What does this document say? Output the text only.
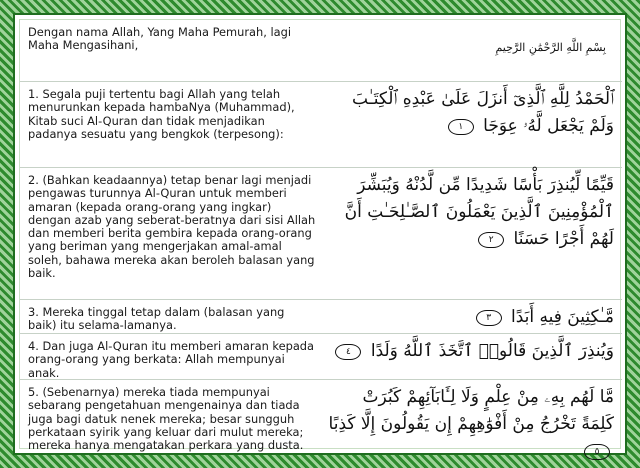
Dengan nama Allah, Yang Maha Pemurah, lagi Maha Mengasihani,	بِسْمِ اللَّهِ الرَّحْمَٰنِ الرَّحِيمِ
1. Segala puji tertentu bagi Allah yang telah menurunkan kepada hambaNya (Muhammad), Kitab suci Al-Quran dan tidak menjadikan padanya sesuatu yang bengkok (terpesong):
ٱلْحَمْدُ لِلَّهِ ٱلَّذِىٓ أَنزَلَ عَلَىٰ عَبْدِهِ ٱلْكِتَـٰبَ وَلَمْ يَجْعَل لَّهُۥ عِوَجَا ١
2. (Bahkan keadaannya) tetap benar lagi menjadi pengawas turunnya Al-Quran untuk memberi amaran (kepada orang-orang yang ingkar) dengan azab yang seberat-beratnya dari sisi Allah dan memberi berita gembira kepada orang-orang yang beriman yang mengerjakan amal-amal soleh, bahawa mereka akan beroleh balasan yang baik.
قَيِّمًا لِّيُنذِرَ بَأْسًا شَدِيدًا مِّن لَّدُنْهُ وَيُبَشِّرَ ٱلْمُؤْمِنِينَ ٱلَّذِينَ يَعْمَلُونَ ٱلصَّـٰلِحَـٰتِ أَنَّ لَهُمْ أَجْرًا حَسَنًا ٢
3. Mereka tinggal tetap dalam (balasan yang baik) itu selama-lamanya.	مَّـٰكِثِينَ فِيهِ أَبَدًا ٣
4. Dan juga Al-Quran itu memberi amaran kepada orang-orang yang berkata: Allah mempunyai anak.
وَيُنذِرَ ٱلَّذِينَ قَالُوا۟ ٱتَّخَذَ ٱللَّهُ وَلَدًا ٤
5. (Sebenarnya) mereka tiada mempunyai sebarang pengetahuan mengenainya dan tiada juga bagi datuk nenek mereka; besar sungguh perkataan syirik yang keluar dari mulut mereka; mereka hanya mengatakan perkara yang dusta.
مَّا لَهُم بِهِۦ مِنْ عِلْمٍ وَلَا لِـَٔابَآئِهِمْ كَبُرَتْ كَلِمَةً تَخْرُجُ مِنْ أَفْوَٰهِهِمْ إِن يَقُولُونَ إِلَّا كَذِبًا ٥
